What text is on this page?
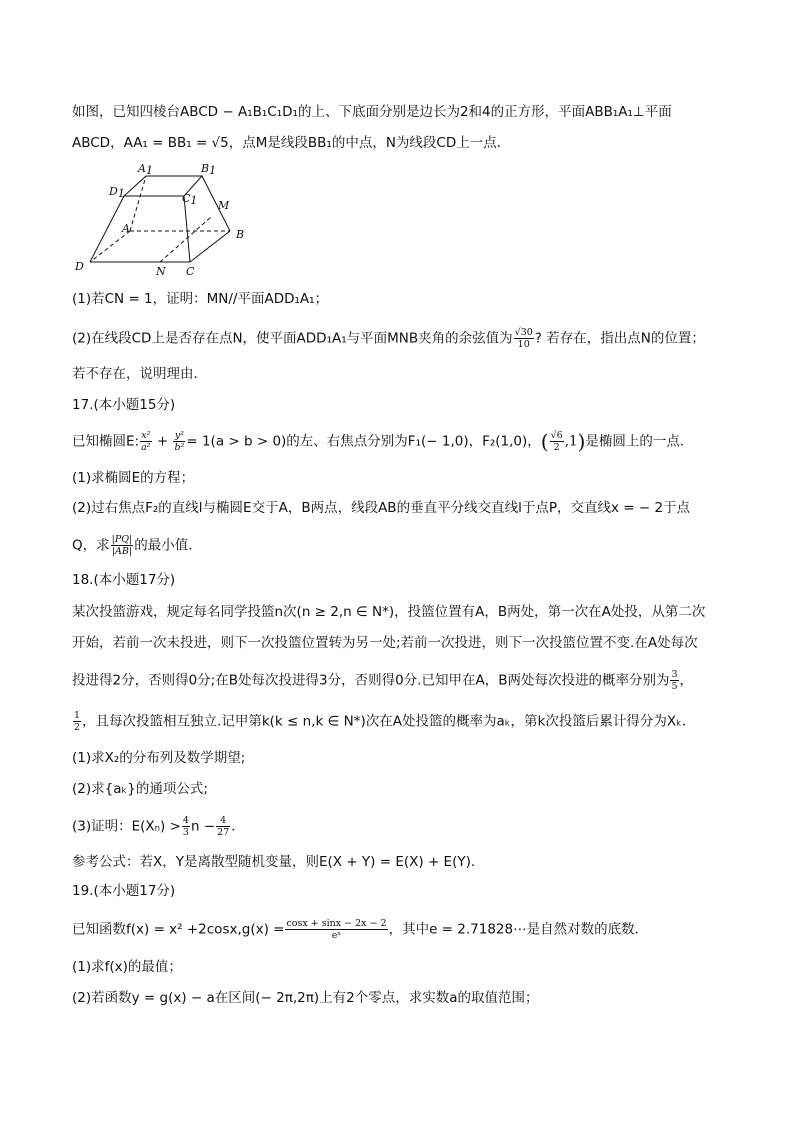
如图，已知四棱台ABCD − A₁B₁C₁D₁的上、下底面分别是边长为2和4的正方形，平面ABB₁A₁⊥平面
ABCD，AA₁ = BB₁ = √5，点M是线段BB₁的中点，N为线段CD上一点．
A1	B1
D1	C1 M
A	B
D	N C
(1)若CN = 1，证明：MN//平面ADD₁A₁；
(2)在线段CD上是否存在点N，使平面ADD₁A₁与平面MNB夹角的余弦值为 $\frac{√30}{10}$ ? 若存在，指出点N的位置；
若不存在，说明理由．
17.(本小题15分)
已知椭圆E: $\frac{\text{x²}}{\text{a²}} + \frac{\text{y²}}{\text{b²}} = 1(a > b > 0)$的左、右焦点分别为F₁(− 1,0)，F₂(1,0)，( $\frac{√6}{2} ,1$)是椭圆上的一点．
(1)求椭圆E的方程；
(2)过右焦点F₂的直线l与椭圆E交于A，B两点，线段AB的垂直平分线交直线l于点P，交直线x = − 2于点
Q，求 $\frac{|PQ|}{|AB|}$ 的最小值．
18.(本小题17分)
某次投篮游戏，规定每名同学投篮n次(n ≥ 2,n ∈ N*)，投篮位置有A，B两处，第一次在A处投，从第二次
开始，若前一次未投进，则下一次投篮位置转为另一处;若前一次投进，则下一次投篮位置不变.在A处每次
投进得2分，否则得0分;在B处每次投进得3分，否则得0分.已知甲在A，B两处每次投进的概率分别为 $\frac{3}{5}$ ，
$\frac{1}{2}$ ，且每次投篮相互独立.记甲第k(k ≤ n,k ∈ N*)次在A处投篮的概率为aₖ，第k次投篮后累计得分为Xₖ．
(1)求X₂的分布列及数学期望;
(2)求{aₖ}的通项公式;
(3)证明：$E(X_n) > \frac{4}{3}$ $n - \frac{4}{27}$ ．
参考公式：若X，Y是离散型随机变量，则E(X + Y) = E(X) + E(Y)．
19.(本小题17分)
已知函数$f(x) = x^2 +2\cos x,g(x) = \frac{\cos x + \sin x - 2x - 2}{\text{eˣ}}$ ，其中e = 2.71828⋯是自然对数的底数．
(1)求f(x)的最值；
(2)若函数y = g(x) − a在区间(− 2π,2π)上有2个零点，求实数a的取值范围；
